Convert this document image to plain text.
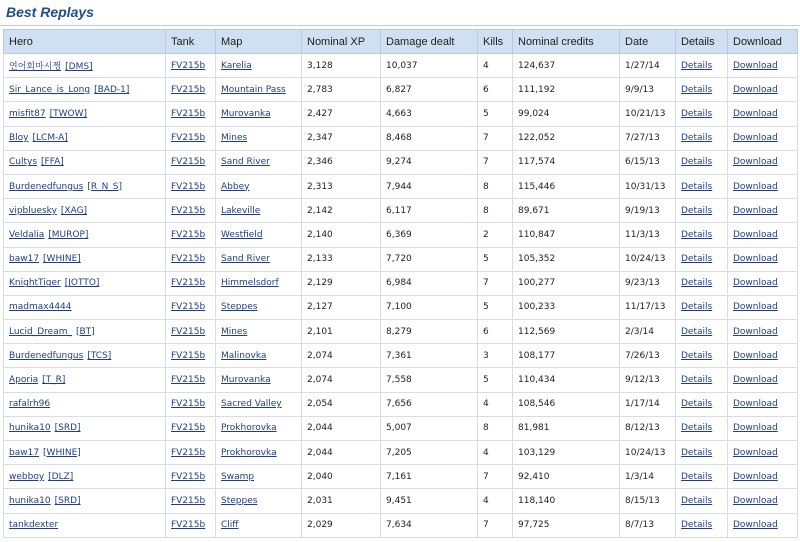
Best Replays
Hero	Tank	Map	Nominal XP	Damage dealt	Kills	Nominal credits	Date	Details	Download
연어회마시쩡 [DMS]	FV215b	Karelia	3,128	10,037	4	124,637	1/27/14	Details	Download
Sir_Lance_is_Long [BAD-1]	FV215b	Mountain Pass	2,783	6,827	6	111,192	9/9/13	Details	Download
misfit87 [TWOW]	FV215b	Murovanka	2,427	4,663	5	99,024	10/21/13	Details	Download
Bloy [LCM-A]	FV215b	Mines	2,347	8,468	7	122,052	7/27/13	Details	Download
Cultys [FFA]	FV215b	Sand River	2,346	9,274	7	117,574	6/15/13	Details	Download
Burdenedfungus [R_N_S]	FV215b	Abbey	2,313	7,944	8	115,446	10/31/13	Details	Download
vipbluesky [XAG]	FV215b	Lakeville	2,142	6,117	8	89,671	9/19/13	Details	Download
Veldalia [MUROP]	FV215b	Westfield	2,140	6,369	2	110,847	11/3/13	Details	Download
baw17 [WHINE]	FV215b	Sand River	2,133	7,720	5	105,352	10/24/13	Details	Download
KnightTiger [JOTTO]	FV215b	Himmelsdorf	2,129	6,984	7	100,277	9/23/13	Details	Download
madmax4444	FV215b	Steppes	2,127	7,100	5	100,233	11/17/13	Details	Download
Lucid_Dream_ [BT]	FV215b	Mines	2,101	8,279	6	112,569	2/3/14	Details	Download
Burdenedfungus [TCS]	FV215b	Malinovka	2,074	7,361	3	108,177	7/26/13	Details	Download
Aporia [T_R]	FV215b	Murovanka	2,074	7,558	5	110,434	9/12/13	Details	Download
rafalrh96	FV215b	Sacred Valley	2,054	7,656	4	108,546	1/17/14	Details	Download
hunika10 [SRD]	FV215b	Prokhorovka	2,044	5,007	8	81,981	8/12/13	Details	Download
baw17 [WHINE]	FV215b	Prokhorovka	2,044	7,205	4	103,129	10/24/13	Details	Download
webboy [DLZ]	FV215b	Swamp	2,040	7,161	7	92,410	1/3/14	Details	Download
hunika10 [SRD]	FV215b	Steppes	2,031	9,451	4	118,140	8/15/13	Details	Download
tankdexter	FV215b	Cliff	2,029	7,634	7	97,725	8/7/13	Details	Download
